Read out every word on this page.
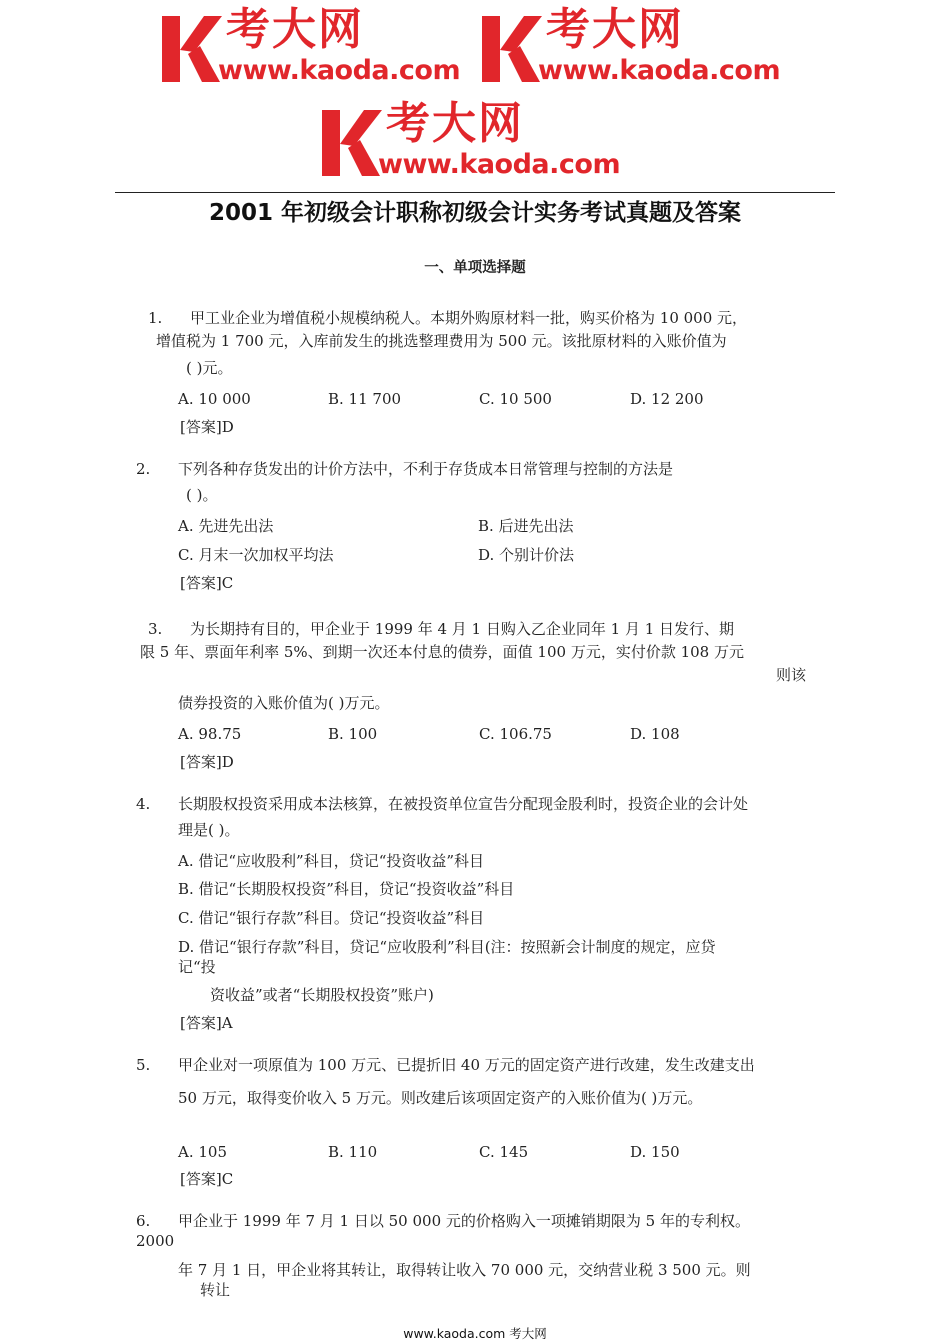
考大网
www.kaoda.com
考大网
www.kaoda.com
考大网
www.kaoda.com
2001 年初级会计职称初级会计实务考试真题及答案
一、单项选择题
1. 甲工业企业为增值税小规模纳税人。本期外购原材料一批，购买价格为 10 000 元，
增值税为 1 700 元，入库前发生的挑选整理费用为 500 元。该批原材料的入账价值为
( )元。
A. 10 000	B. 11 700	C. 10 500	D. 12 200
[答案]D
2. 下列各种存货发出的计价方法中，不利于存货成本日常管理与控制的方法是
( )。
A. 先进先出法	B. 后进先出法
C. 月末一次加权平均法	D. 个别计价法
[答案]C
3. 为长期持有目的，甲企业于 1999 年 4 月 1 日购入乙企业同年 1 月 1 日发行、期
限 5 年、票面年利率 5%、到期一次还本付息的债券，面值 100 万元，实付价款 108 万元
则该
债券投资的入账价值为( )万元。
A. 98.75	B. 100	C. 106.75	D. 108
[答案]D
4. 长期股权投资采用成本法核算，在被投资单位宣告分配现金股利时，投资企业的会计处
理是( )。
A. 借记“应收股利”科目，贷记“投资收益”科目
B. 借记“长期股权投资”科目，贷记“投资收益”科目
C. 借记“银行存款”科目。贷记“投资收益”科目
D. 借记“银行存款”科目，贷记“应收股利”科目(注：按照新会计制度的规定，应贷
记“投
资收益”或者“长期股权投资”账户)
[答案]A
5. 甲企业对一项原值为 100 万元、已提折旧 40 万元的固定资产进行改建，发生改建支出
50 万元，取得变价收入 5 万元。则改建后该项固定资产的入账价值为( )万元。
A. 105	B. 110	C. 145	D. 150
[答案]C
6. 甲企业于 1999 年 7 月 1 日以 50 000 元的价格购入一项摊销期限为 5 年的专利权。
2000
年 7 月 1 日，甲企业将其转让，取得转让收入 70 000 元，交纳营业税 3 500 元。则
转让
www.kaoda.com 考大网
